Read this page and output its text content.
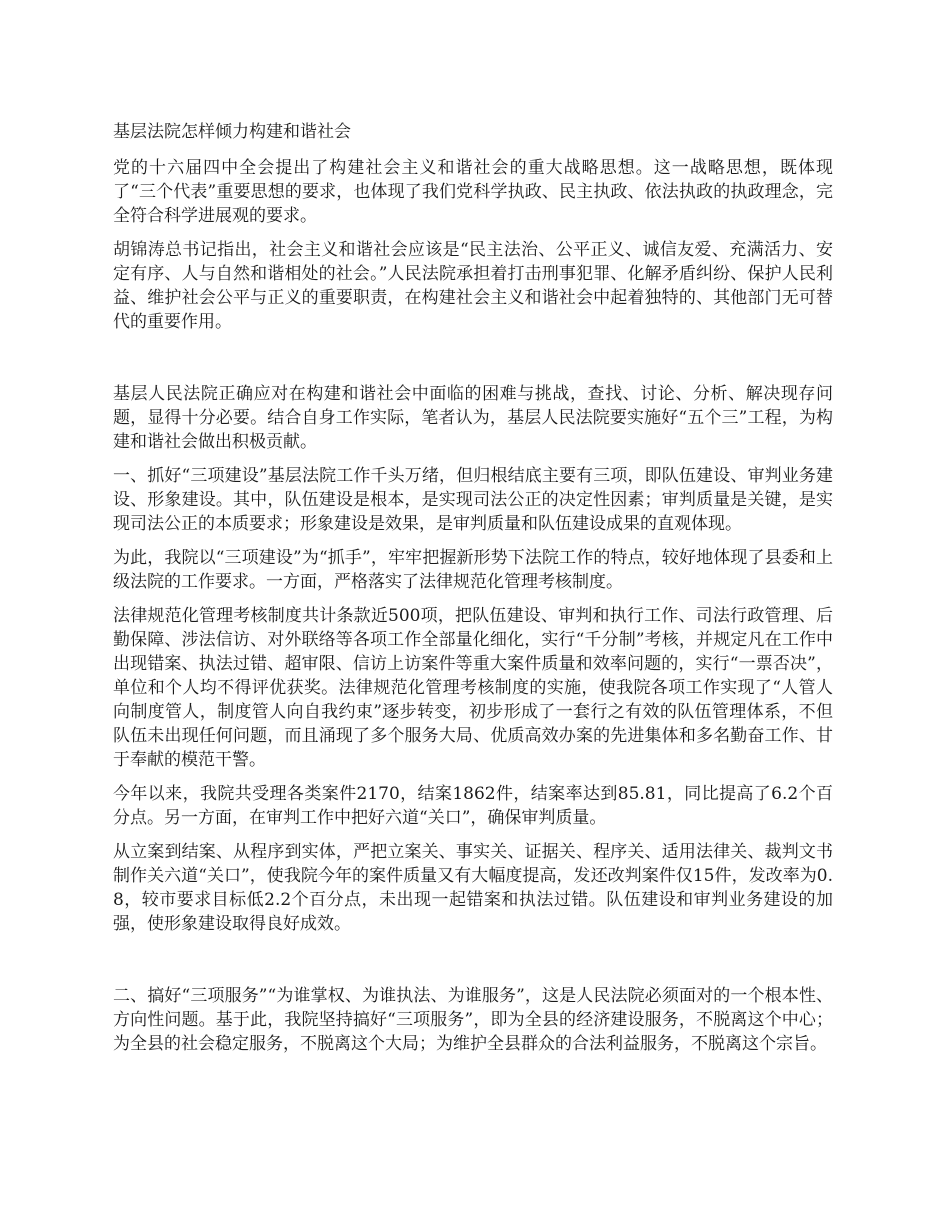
基层法院怎样倾力构建和谐社会

党的十六届四中全会提出了构建社会主义和谐社会的重大战略思想。这一战略思想，既体现了“三个代表”重要思想的要求，也体现了我们党科学执政、民主执政、依法执政的执政理念，完全符合科学进展观的要求。

胡锦涛总书记指出，社会主义和谐社会应该是“民主法治、公平正义、诚信友爱、充满活力、安定有序、人与自然和谐相处的社会。”人民法院承担着打击刑事犯罪、化解矛盾纠纷、保护人民利益、维护社会公平与正义的重要职责，在构建社会主义和谐社会中起着独特的、其他部门无可替代的重要作用。

基层人民法院正确应对在构建和谐社会中面临的困难与挑战，查找、讨论、分析、解决现存问题，显得十分必要。结合自身工作实际，笔者认为，基层人民法院要实施好“五个三”工程，为构建和谐社会做出积极贡献。

一、抓好“三项建设”基层法院工作千头万绪，但归根结底主要有三项，即队伍建设、审判业务建设、形象建设。其中，队伍建设是根本，是实现司法公正的决定性因素；审判质量是关键，是实现司法公正的本质要求；形象建设是效果，是审判质量和队伍建设成果的直观体现。

为此，我院以“三项建设”为“抓手”，牢牢把握新形势下法院工作的特点，较好地体现了县委和上级法院的工作要求。一方面，严格落实了法律规范化管理考核制度。

法律规范化管理考核制度共计条款近500项，把队伍建设、审判和执行工作、司法行政管理、后勤保障、涉法信访、对外联络等各项工作全部量化细化，实行“千分制”考核，并规定凡在工作中出现错案、执法过错、超审限、信访上访案件等重大案件质量和效率问题的，实行“一票否决”，单位和个人均不得评优获奖。法律规范化管理考核制度的实施，使我院各项工作实现了“人管人向制度管人，制度管人向自我约束”逐步转变，初步形成了一套行之有效的队伍管理体系，不但队伍未出现任何问题，而且涌现了多个服务大局、优质高效办案的先进集体和多名勤奋工作、甘于奉献的模范干警。

今年以来，我院共受理各类案件2170，结案1862件，结案率达到85.81，同比提高了6.2个百分点。另一方面，在审判工作中把好六道“关口”，确保审判质量。

从立案到结案、从程序到实体，严把立案关、事实关、证据关、程序关、适用法律关、裁判文书制作关六道“关口”，使我院今年的案件质量又有大幅度提高，发还改判案件仅15件，发改率为0.8，较市要求目标低2.2个百分点，未出现一起错案和执法过错。队伍建设和审判业务建设的加强，使形象建设取得良好成效。

二、搞好“三项服务”“为谁掌权、为谁执法、为谁服务”，这是人民法院必须面对的一个根本性、方向性问题。基于此，我院坚持搞好“三项服务”，即为全县的经济建设服务，不脱离这个中心；为全县的社会稳定服务，不脱离这个大局；为维护全县群众的合法利益服务，不脱离这个宗旨。
